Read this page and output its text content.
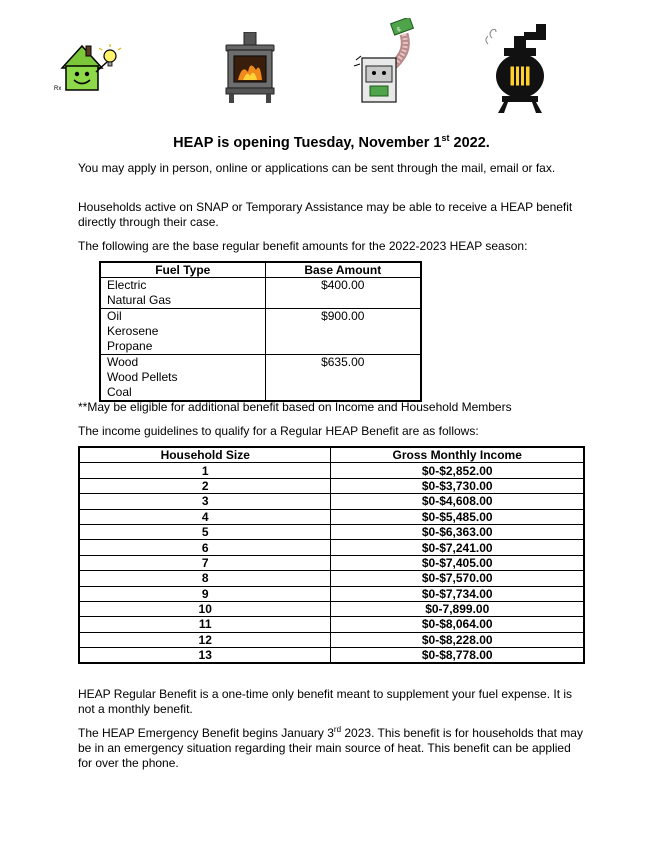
Rx
$
HEAP is opening Tuesday, November 1st 2022.

You may apply in person, online or applications can be sent through the mail, email or fax.

Households active on SNAP or Temporary Assistance may be able to receive a HEAP benefit directly through their case.

The following are the base regular benefit amounts for the 2022-2023 HEAP season:

Fuel Type	Base Amount

Electric
Natural Gas	$400.00

Oil
Kerosene
Propane	$900.00

Wood
Wood Pellets
Coal	$635.00

**May be eligible for additional benefit based on Income and Household Members

The income guidelines to qualify for a Regular HEAP Benefit are as follows:

Household Size	Gross Monthly Income
1	$0-$2,852.00
2	$0-$3,730.00
3	$0-$4,608.00
4	$0-$5,485.00
5	$0-$6,363.00
6	$0-$7,241.00
7	$0-$7,405.00
8	$0-$7,570.00
9	$0-$7,734.00
10	$0-7,899.00
11	$0-$8,064.00
12	$0-$8,228.00
13	$0-$8,778.00

HEAP Regular Benefit is a one-time only benefit meant to supplement your fuel expense. It is not a monthly benefit.

The HEAP Emergency Benefit begins January 3rd 2023. This benefit is for households that may be in an emergency situation regarding their main source of heat. This benefit can be applied for over the phone.
